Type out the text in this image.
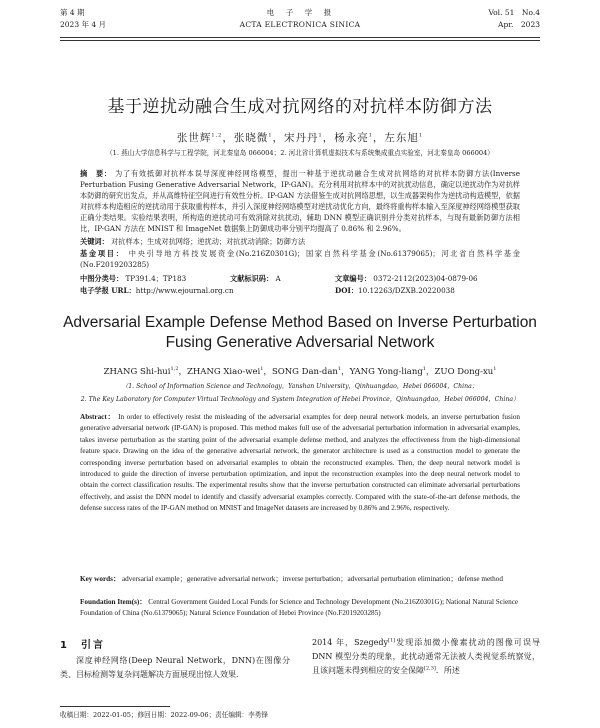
第 4 期
2023 年 4 月
电　子　学　报
ACTA ELECTRONICA SINICA
Vol. 51　No.4
Apr.　2023
基于逆扰动融合生成对抗网络的对抗样本防御方法
张世辉$^{1,2}$，张晓微$^1$，宋丹丹$^1$，杨永亮$^1$，左东旭$^1$
（1. 燕山大学信息科学与工程学院，河北秦皇岛 066004；2. 河北省计算机虚拟技术与系统集成重点实验室，河北秦皇岛 066004）
摘　要： 为了有效抵御对抗样本误导深度神经网络模型，提出一种基于逆扰动融合生成对抗网络的对抗样本防御方法(Inverse Perturbation Fusing Generative Adversarial Network，IP-GAN)。充分利用对抗样本中的对抗扰动信息，确定以逆扰动作为对抗样本防御的研究出发点，并从高维特征空间进行有效性分析。IP-GAN 方法借鉴生成对抗网络思想，以生成器架构作为逆扰动构造模型，依据对抗样本构造相应的逆扰动用于获取重构样本，并引入深度神经网络模型对逆扰动优化方向，最终将重构样本输入至深度神经网络模型获取正确分类结果。实验结果表明，所构造的逆扰动可有效消除对抗扰动，辅助 DNN 模型正确识别并分类对抗样本，与现有最新防御方法相比，IP-GAN 方法在 MNIST 和 ImageNet 数据集上防御成功率分别平均提高了 0.86% 和 2.96%。
关键词： 对抗样本；生成对抗网络；逆扰动；对抗扰动消除；防御方法
基金项目： 中央引导地方科技发展资金(No.216Z0301G)；国家自然科学基金(No.61379065)；河北省自然科学基金(No.F2019203285)
中图分类号： TP391.4；TP183	文献标识码： A	文章编号： 0372-2112(2023)04-0879-06
电子学报 URL： http://www.ejournal.org.cn	DOI： 10.12263/DZXB.20220038
Adversarial Example Defense Method Based on Inverse Perturbation
Fusing Generative Adversarial Network
ZHANG Shi-hui$^{1,2}$，ZHANG Xiao-wei$^1$，SONG Dan-dan$^1$，YANG Yong-liang$^1$，ZUO Dong-$xu^1$
（1. School of Information Science and Technology，Yanshan University，Qinhuangdao，Hebei 066004，China；
2. The Key Laboratory for Computer Virtual Technology and System Integration of Hebei Province，Qinhuangdao，Hebei 066004，China）
Abstract： In order to effectively resist the misleading of the adversarial examples for deep neural network models, an inverse perturbation fusion generative adversarial network (IP-GAN) is proposed. This method makes full use of the adversarial perturbation information in adversarial examples, takes inverse perturbation as the starting point of the adversarial example defense method, and analyzes the effectiveness from the high-dimensional feature space. Drawing on the idea of the generative adversarial network, the generator architecture is used as a construction model to generate the corresponding inverse perturbation based on adversarial examples to obtain the reconstructed examples. Then, the deep neural network model is introduced to guide the direction of inverse perturbation optimization, and input the reconstruction examples into the deep neural network model to obtain the correct classification results. The experimental results show that the inverse perturbation constructed can eliminate adversarial perturbations effectively, and assist the DNN model to identify and classify adversarial examples correctly. Compared with the state-of-the-art defense methods, the defense success rates of the IP-GAN method on MNIST and ImageNet datasets are increased by 0.86% and 2.96%, respectively.
Key words： adversarial example；generative adversarial network；inverse perturbation；adversarial perturbation elimination；defense method
Foundation Item(s)： Central Government Guided Local Funds for Science and Technology Development (No.216Z0301G); National Natural Science Foundation of China (No.61379065); Natural Science Foundation of Hebei Province (No.F2019203285)
1　引言
深度神经网络(Deep Neural Network，DNN)在图像分类、目标检测等复杂问题解决方面展现出惊人效果．
2014 年，Szegedy[1]发现添加微小像素扰动的图像可误导 DNN 模型分类的现象，此扰动通常无法被人类视觉系统察觉，且该问题未得到相应的安全保障[2,3]．所述
收稿日期：2022-01-05；修回日期：2022-09-06；责任编辑：李勇锋
